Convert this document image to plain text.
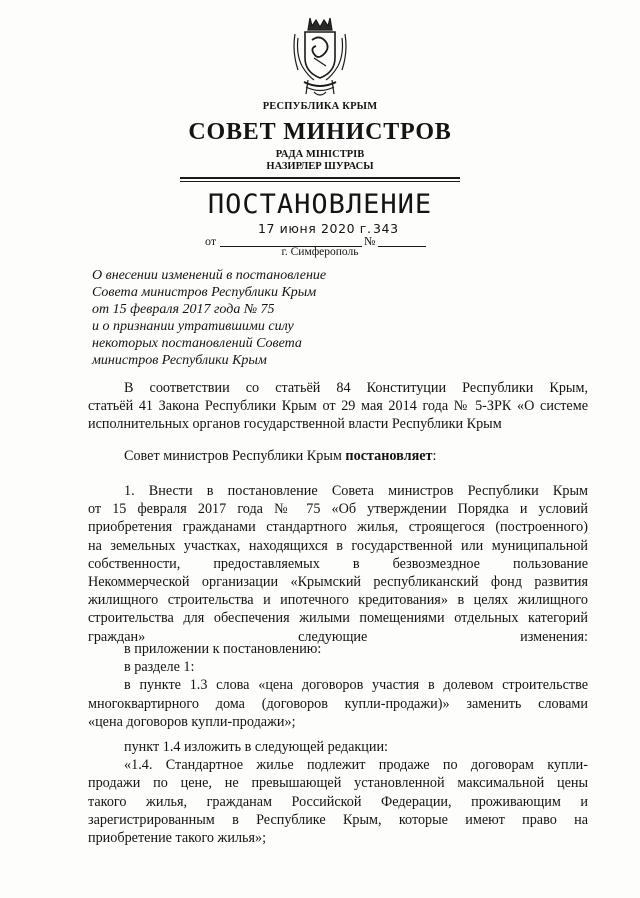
РЕСПУБЛИКА КРЫМ
СОВЕТ МИНИСТРОВ
РАДА МІНІСТРІВ
НАЗИРЛЕР ШУРАСЫ
ПОСТАНОВЛЕНИЕ
17 июня 2020 г. 343
от	№
г. Симферополь
О внесении изменений в постановление
Совета министров Республики Крым
от 15 февраля 2017 года № 75
и о признании утратившими силу
некоторых постановлений Совета
министров Республики Крым
В соответствии со статьёй 84 Конституции Республики Крым,
статьёй 41 Закона Республики Крым от 29 мая 2014 года № 5-ЗРК «О системе
исполнительных органов государственной власти Республики Крым
Совет министров Республики Крым постановляет:
1. Внести в постановление Совета министров Республики Крым
от 15 февраля 2017 года № 75 «Об утверждении Порядка и условий
приобретения гражданами стандартного жилья, строящегося (построенного)
на земельных участках, находящихся в государственной или муниципальной
собственности, предоставляемых в безвозмездное пользование
Некоммерческой организации «Крымский республиканский фонд развития
жилищного строительства и ипотечного кредитования» в целях жилищного
строительства для обеспечения жилыми помещениями отдельных категорий
граждан» следующие изменения:
в приложении к постановлению:
в разделе 1:
в пункте 1.3 слова «цена договоров участия в долевом строительстве
многоквартирного дома (договоров купли-продажи)» заменить словами
«цена договоров купли-продажи»;
пункт 1.4 изложить в следующей редакции:
«1.4. Стандартное жилье подлежит продаже по договорам купли-
продажи по цене, не превышающей установленной максимальной цены
такого жилья, гражданам Российской Федерации, проживающим и
зарегистрированным в Республике Крым, которые имеют право на
приобретение такого жилья»;
